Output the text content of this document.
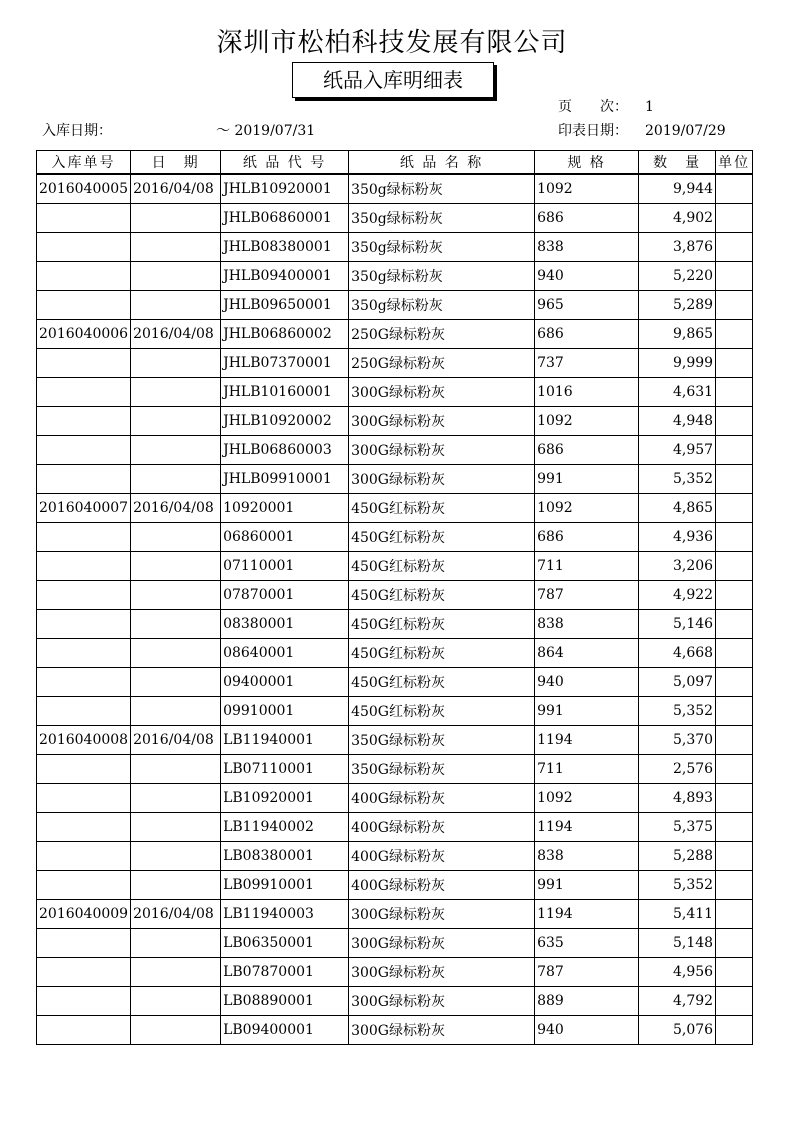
深圳市松柏科技发展有限公司
纸品入库明细表
页　　次： 1
入库日期：	～ 2019/07/31	印表日期： 2019/07/29
入库单号	日　期	纸 品 代 号	纸 品 名 称	规 格	数　量	单位
2016040005	2016/04/08	JHLB10920001	350g绿标粉灰	1092	9,944	
		JHLB06860001	350g绿标粉灰	686	4,902	
		JHLB08380001	350g绿标粉灰	838	3,876	
		JHLB09400001	350g绿标粉灰	940	5,220	
		JHLB09650001	350g绿标粉灰	965	5,289	
2016040006	2016/04/08	JHLB06860002	250G绿标粉灰	686	9,865	
		JHLB07370001	250G绿标粉灰	737	9,999	
		JHLB10160001	300G绿标粉灰	1016	4,631	
		JHLB10920002	300G绿标粉灰	1092	4,948	
		JHLB06860003	300G绿标粉灰	686	4,957	
		JHLB09910001	300G绿标粉灰	991	5,352	
2016040007	2016/04/08	10920001	450G红标粉灰	1092	4,865	
		06860001	450G红标粉灰	686	4,936	
		07110001	450G红标粉灰	711	3,206	
		07870001	450G红标粉灰	787	4,922	
		08380001	450G红标粉灰	838	5,146	
		08640001	450G红标粉灰	864	4,668	
		09400001	450G红标粉灰	940	5,097	
		09910001	450G红标粉灰	991	5,352	
2016040008	2016/04/08	LB11940001	350G绿标粉灰	1194	5,370	
		LB07110001	350G绿标粉灰	711	2,576	
		LB10920001	400G绿标粉灰	1092	4,893	
		LB11940002	400G绿标粉灰	1194	5,375	
		LB08380001	400G绿标粉灰	838	5,288	
		LB09910001	400G绿标粉灰	991	5,352	
2016040009	2016/04/08	LB11940003	300G绿标粉灰	1194	5,411	
		LB06350001	300G绿标粉灰	635	5,148	
		LB07870001	300G绿标粉灰	787	4,956	
		LB08890001	300G绿标粉灰	889	4,792	
		LB09400001	300G绿标粉灰	940	5,076	
